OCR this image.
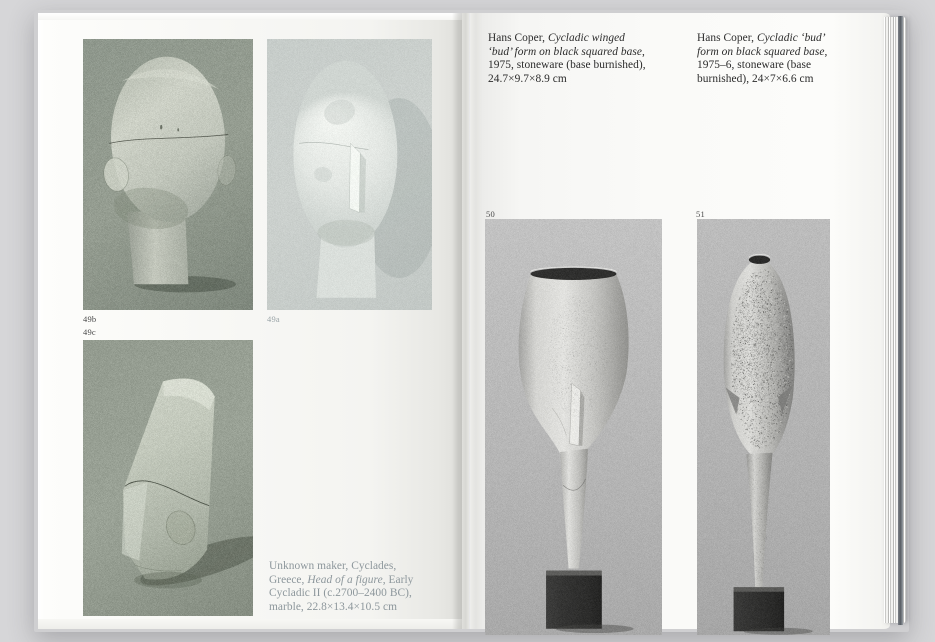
49b	49a
49c
Unknown maker, Cyclades,
Greece, Head of a figure, Early
Cycladic II (c.2700–2400 BC),
marble, 22.8×13.4×10.5 cm
Hans Coper, Cycladic winged
‘bud’ form on black squared base,
1975, stoneware (base burnished),
24.7×9.7×8.9 cm
Hans Coper, Cycladic ‘bud’
form on black squared base,
1975–6, stoneware (base
burnished), 24×7×6.6 cm
50	51
